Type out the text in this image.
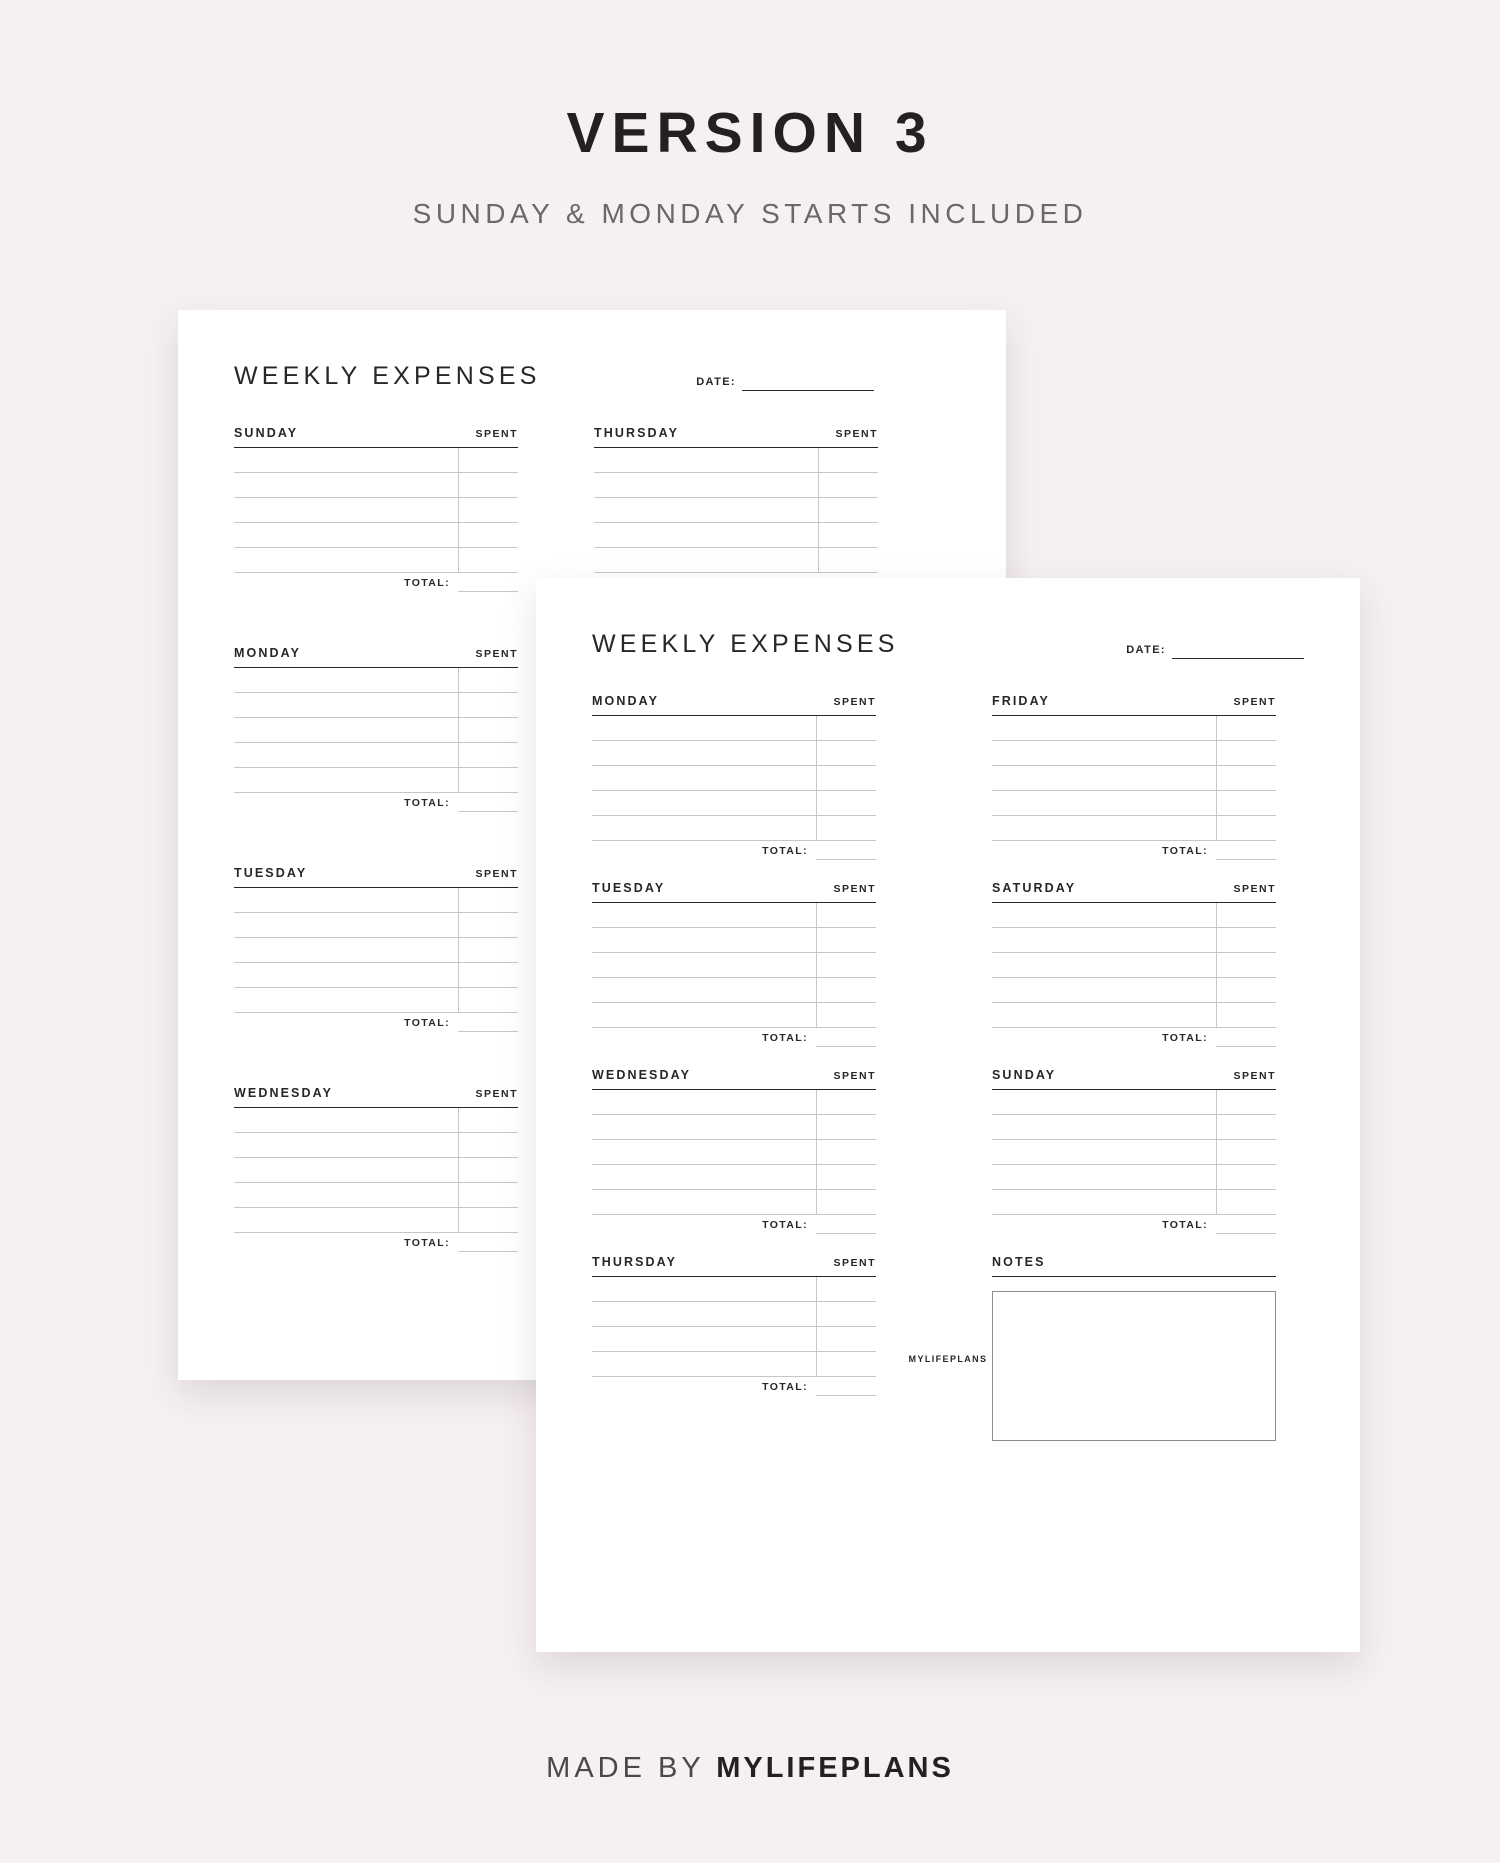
VERSION 3
SUNDAY & MONDAY STARTS INCLUDED
WEEKLY EXPENSES	DATE:
SUNDAY	SPENT
TOTAL:
MONDAY	SPENT
TOTAL:
TUESDAY	SPENT
TOTAL:
WEDNESDAY	SPENT
TOTAL:
THURSDAY	SPENT
WEEKLY EXPENSES	DATE:
MONDAY	SPENT
TOTAL:
TUESDAY	SPENT
TOTAL:
WEDNESDAY	SPENT
TOTAL:
THURSDAY	SPENT
TOTAL:
FRIDAY	SPENT
TOTAL:
SATURDAY	SPENT
TOTAL:
SUNDAY	SPENT
TOTAL:
NOTES
MYLIFEPLANS
MADE BY MYLIFEPLANS
